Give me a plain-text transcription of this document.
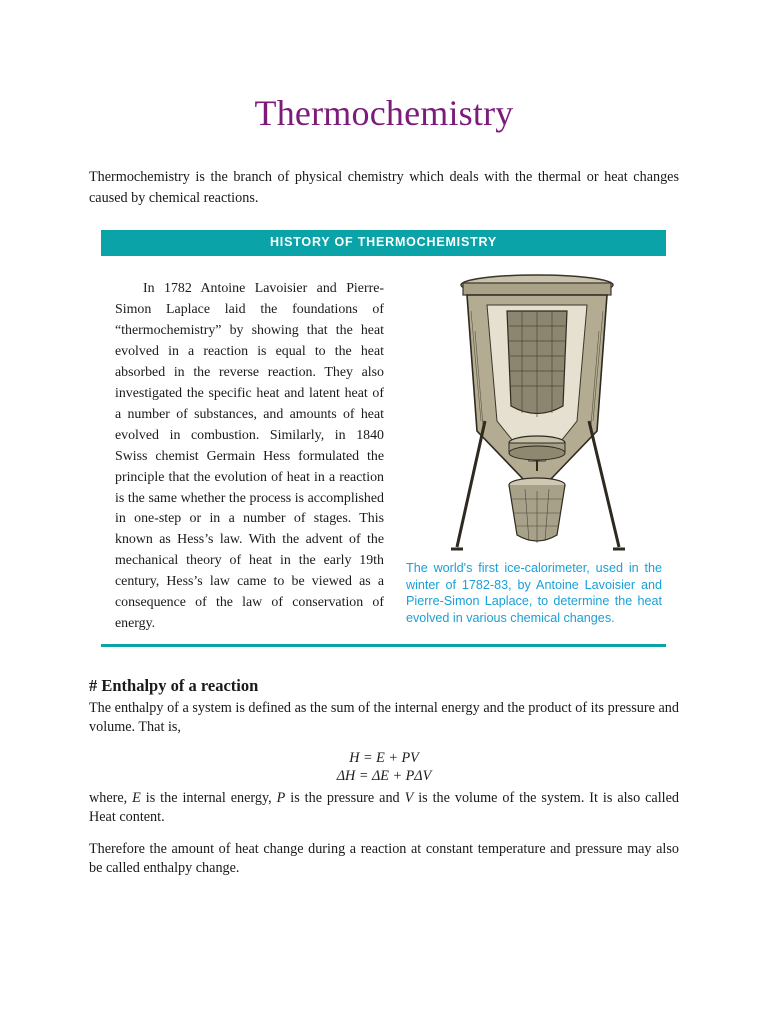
Thermochemistry
Thermochemistry is the branch of physical chemistry which deals with the thermal or heat changes caused by chemical reactions.
HISTORY OF THERMOCHEMISTRY
In 1782 Antoine Lavoisier and Pierre-Simon Laplace laid the foundations of “thermochemistry” by showing that the heat evolved in a reaction is equal to the heat absorbed in the reverse reaction. They also investigated the specific heat and latent heat of a number of substances, and amounts of heat evolved in combustion. Similarly, in 1840 Swiss chemist Germain Hess formulated the principle that the evolution of heat in a reaction is the same whether the process is accomplished in one-step or in a number of stages. This known as Hess’s law. With the advent of the mechanical theory of heat in the early 19th century, Hess’s law came to be viewed as a consequence of the law of conservation of energy.
The world's first ice-calorimeter, used in the winter of 1782-83, by Antoine Lavoisier and Pierre-Simon Laplace, to determine the heat evolved in various chemical changes.
# Enthalpy of a reaction
The enthalpy of a system is defined as the sum of the internal energy and the product of its pressure and volume. That is,
H = E + PV
ΔH = ΔE + PΔV
where, E is the internal energy, P is the pressure and V is the volume of the system. It is also called Heat content.
Therefore the amount of heat change during a reaction at constant temperature and pressure may also be called enthalpy change.
